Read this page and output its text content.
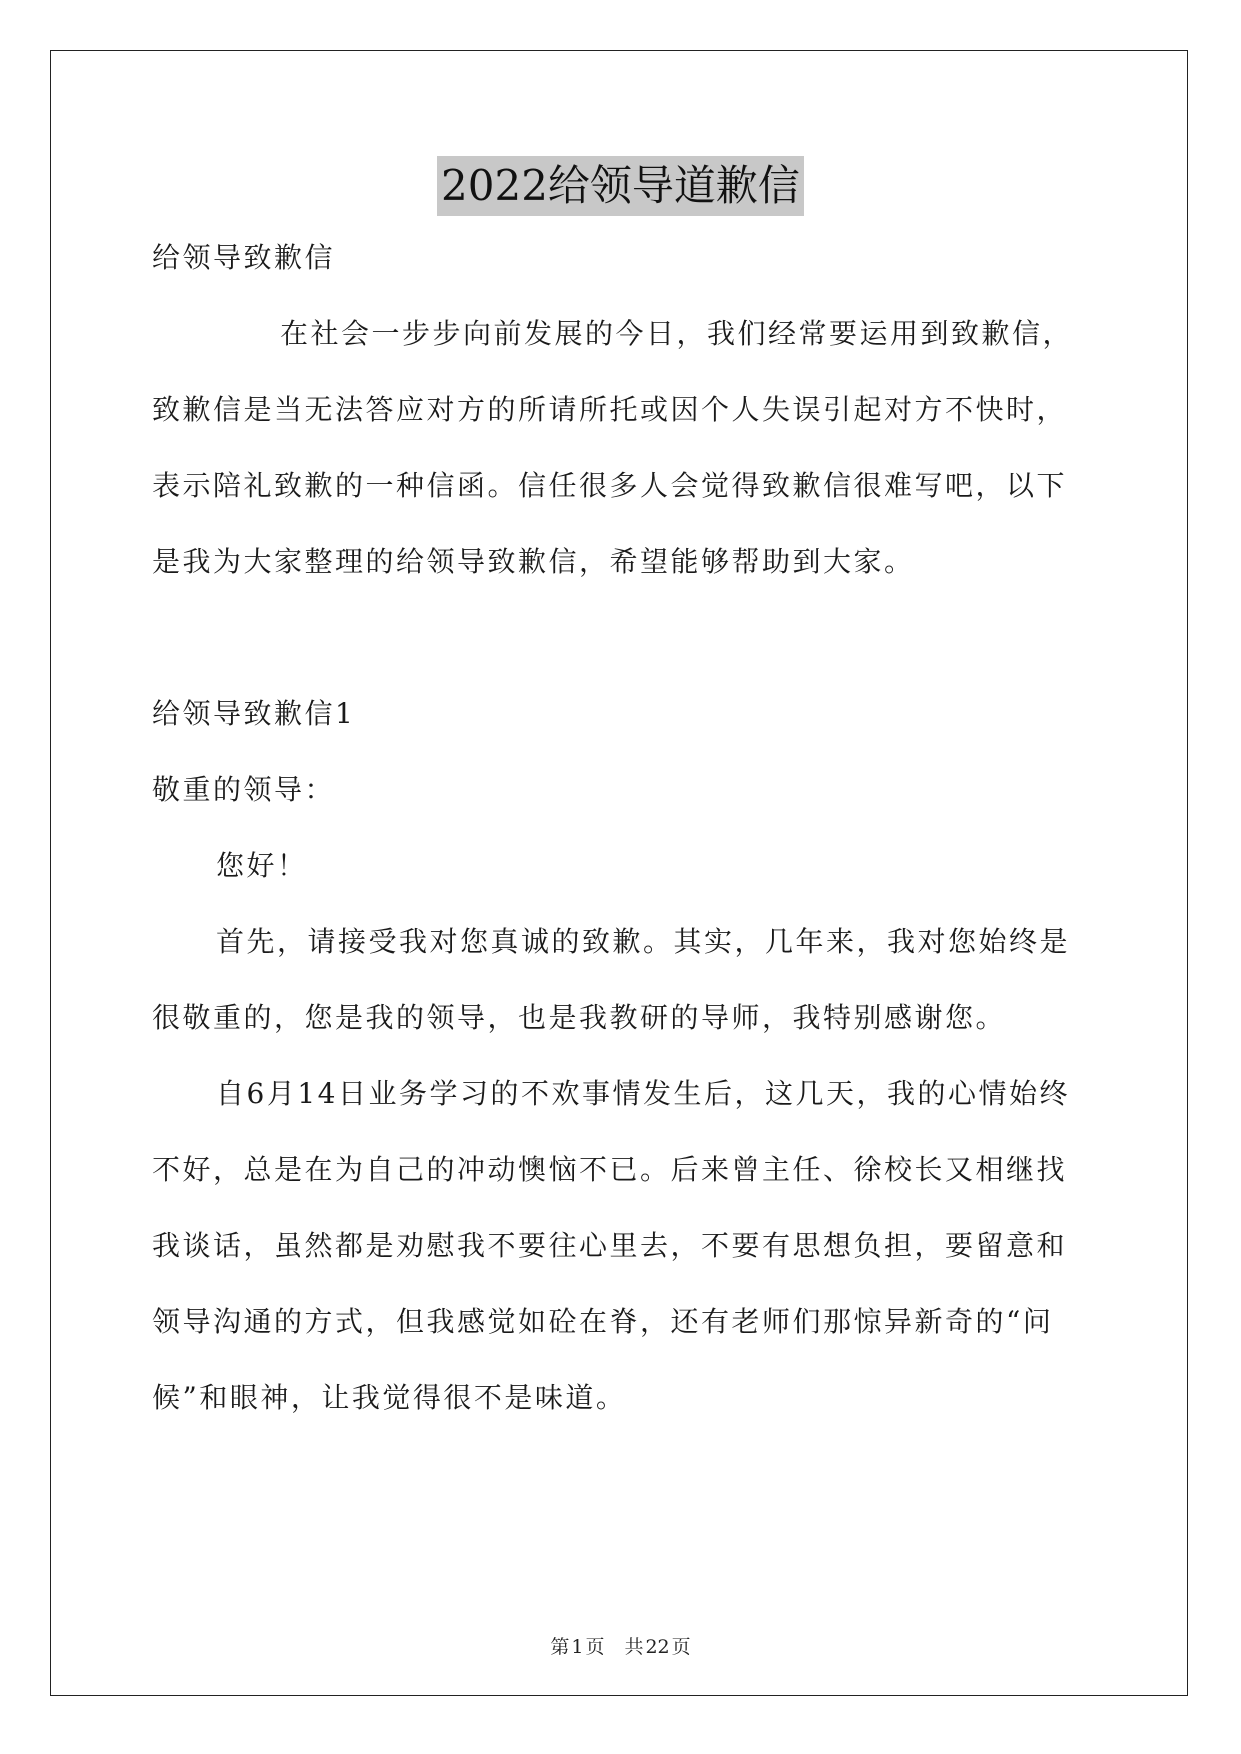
2022给领导道歉信
给领导致歉信
在社会一步步向前发展的今日，我们经常要运用到致歉信，
致歉信是当无法答应对方的所请所托或因个人失误引起对方不快时，
表示陪礼致歉的一种信函。信任很多人会觉得致歉信很难写吧，以下
是我为大家整理的给领导致歉信，希望能够帮助到大家。
给领导致歉信1
敬重的领导：
您好！
首先，请接受我对您真诚的致歉。其实，几年来，我对您始终是
很敬重的，您是我的领导，也是我教研的导师，我特别感谢您。
自6月14日业务学习的不欢事情发生后，这几天，我的心情始终
不好，总是在为自己的冲动懊恼不已。后来曾主任、徐校长又相继找
我谈话，虽然都是劝慰我不要往心里去，不要有思想负担，要留意和
领导沟通的方式，但我感觉如砼在脊，还有老师们那惊异新奇的“问
候”和眼神，让我觉得很不是味道。
第 1 页 共 22 页
